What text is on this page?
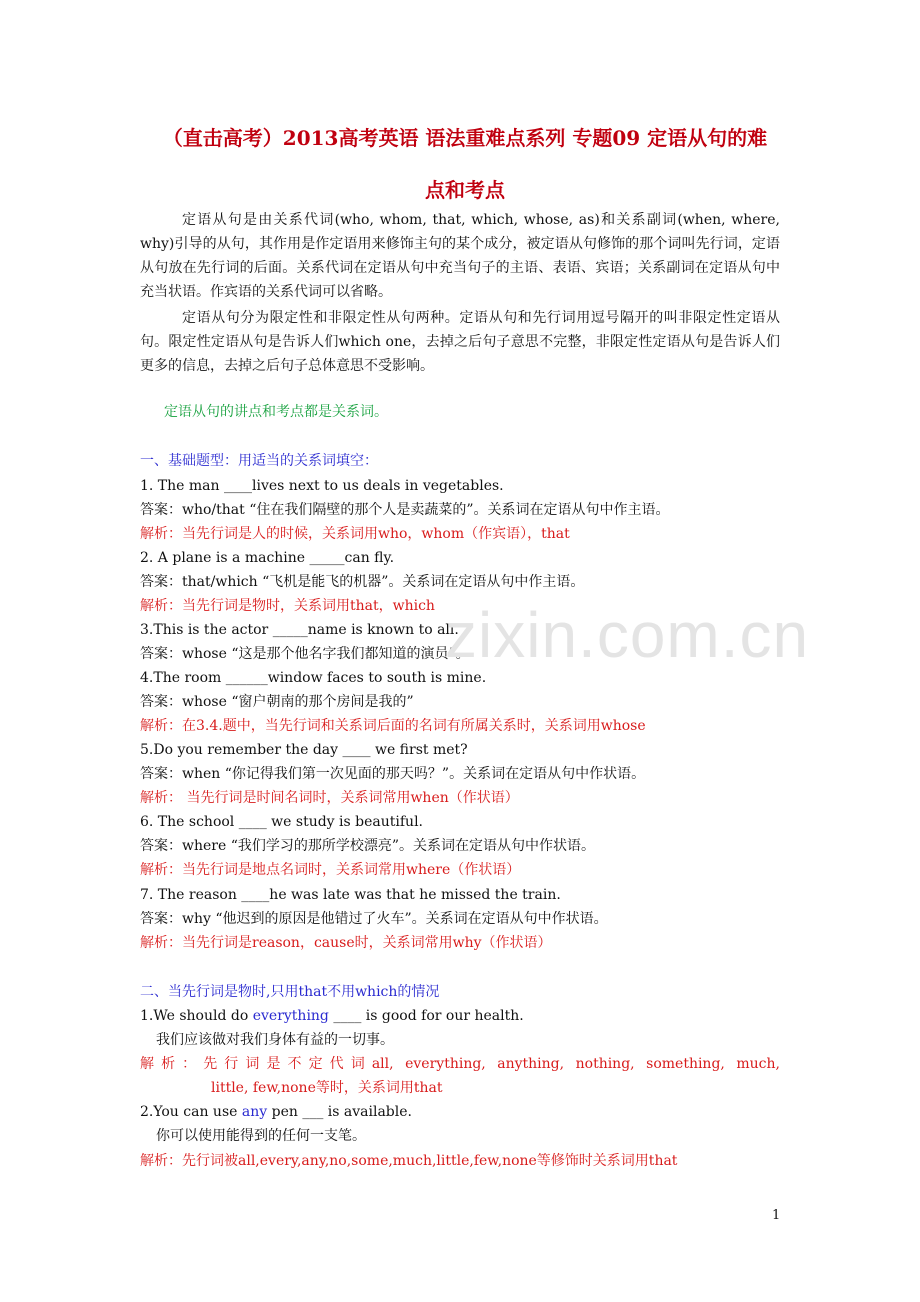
（直击高考）2013高考英语 语法重难点系列 专题09 定语从句的难
点和考点

定语从句是由关系代词(who, whom, that, which, whose, as)和关系副词(when, where, why)引导的从句，其作用是作定语用来修饰主句的某个成分，被定语从句修饰的那个词叫先行词，定语从句放在先行词的后面。关系代词在定语从句中充当句子的主语、表语、宾语；关系副词在定语从句中充当状语。作宾语的关系代词可以省略。

定语从句分为限定性和非限定性从句两种。定语从句和先行词用逗号隔开的叫非限定性定语从句。限定性定语从句是告诉人们which one，去掉之后句子意思不完整，非限定性定语从句是告诉人们更多的信息，去掉之后句子总体意思不受影响。

定语从句的讲点和考点都是关系词。
一、基础题型：用适当的关系词填空：
1. The man ____lives next to us deals in vegetables.
答案：who/that “住在我们隔壁的那个人是卖蔬菜的”。关系词在定语从句中作主语。
解析：当先行词是人的时候，关系词用who，whom（作宾语），that
2. A plane is a machine _____can fly.
答案：that/which “飞机是能飞的机器”。关系词在定语从句中作主语。
解析：当先行词是物时，关系词用that，which
3.This is the actor _____name is known to all.
答案：whose “这是那个他名字我们都知道的演员”。
4.The room ______window faces to south is mine.
答案：whose “窗户朝南的那个房间是我的”
解析：在3.4.题中，当先行词和关系词后面的名词有所属关系时，关系词用whose
5.Do you remember the day ____ we first met?
答案：when “你记得我们第一次见面的那天吗？”。关系词在定语从句中作状语。
解析： 当先行词是时间名词时，关系词常用when（作状语）
6. The school ____ we study is beautiful.
答案：where “我们学习的那所学校漂亮”。关系词在定语从句中作状语。
解析：当先行词是地点名词时，关系词常用where（作状语）
7. The reason ____he was late was that he missed the train.
答案：why “他迟到的原因是他错过了火车”。关系词在定语从句中作状语。
解析：当先行词是reason，cause时，关系词常用why（作状语）
二、当先行词是物时,只用that不用which的情况
1.We should do everything ____ is good for our health.
我们应该做对我们身体有益的一切事。
解析：先行词是不定代词all, everything, anything, nothing, something, much,
little, few,none等时，关系词用that
2.You can use any pen ___ is available.
你可以使用能得到的任何一支笔。
解析：先行词被all,every,any,no,some,much,little,few,none等修饰时关系词用that
zixin.com.cn
1
